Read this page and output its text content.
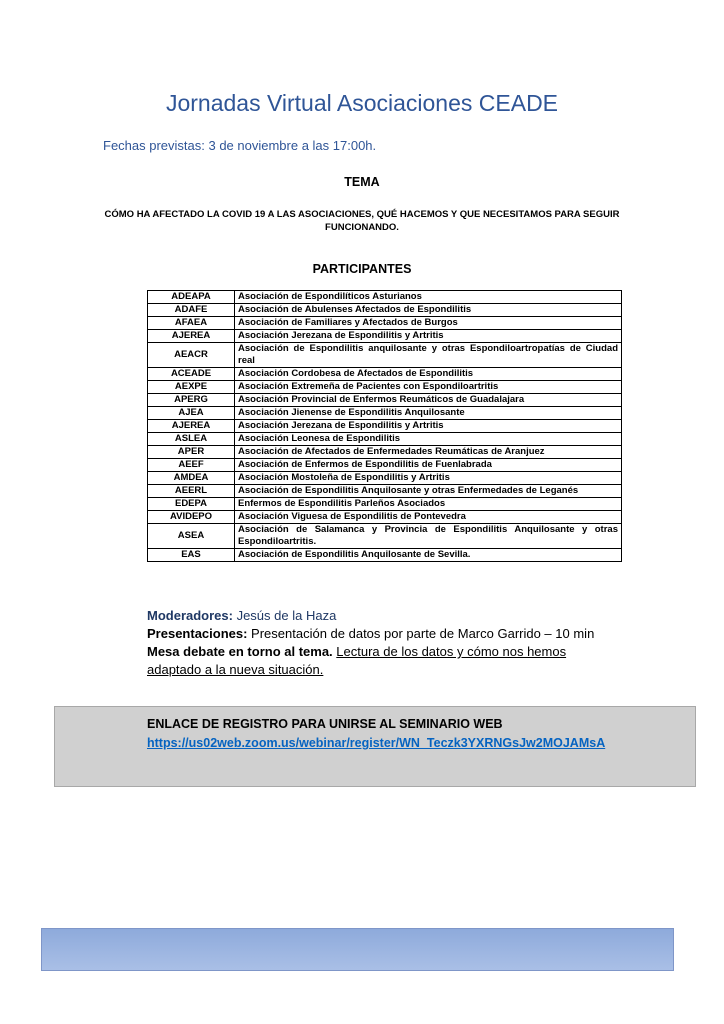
Jornadas Virtual Asociaciones CEADE
Fechas previstas: 3 de noviembre a las 17:00h.
TEMA
CÓMO HA AFECTADO LA COVID 19 A LAS ASOCIACIONES, QUÉ HACEMOS Y QUE NECESITAMOS PARA SEGUIR FUNCIONANDO.
PARTICIPANTES
ADEAPA	Asociación de Espondilíticos Asturianos
ADAFE	Asociación de Abulenses Afectados de Espondilitis
AFAEA	Asociación de Familiares y Afectados de Burgos
AJEREA	Asociación Jerezana de Espondilitis y Artritis
AEACR	Asociación de Espondilitis anquilosante y otras Espondiloartropatías de Ciudad real
ACEADE	Asociación Cordobesa de Afectados de Espondilitis
AEXPE	Asociación Extremeña de Pacientes con Espondiloartritis
APERG	Asociación Provincial de Enfermos Reumáticos de Guadalajara
AJEA	Asociación Jienense de Espondilitis Anquilosante
AJEREA	Asociación Jerezana de Espondilitis y Artritis
ASLEA	Asociación Leonesa de Espondilitis
APER	Asociación de Afectados de Enfermedades Reumáticas de Aranjuez
AEEF	Asociación de Enfermos de Espondilitis de Fuenlabrada
AMDEA	Asociación Mostoleña de Espondilitis y Artritis
AEERL	Asociación de Espondilitis Anquilosante y otras Enfermedades de Leganés
EDEPA	Enfermos de Espondilitis Parleños Asociados
AVIDEPO	Asociación Viguesa de Espondilitis de Pontevedra
ASEA	Asociación de Salamanca y Provincia de Espondilitis Anquilosante y otras Espondiloartritis.
EAS	Asociación de Espondilitis Anquilosante de Sevilla.
Moderadores: Jesús de la Haza
Presentaciones: Presentación de datos por parte de Marco Garrido – 10 min
Mesa debate en torno al tema. Lectura de los datos y cómo nos hemos adaptado a la nueva situación.
ENLACE DE REGISTRO PARA UNIRSE AL SEMINARIO WEB
https://us02web.zoom.us/webinar/register/WN_Teczk3YXRNGsJw2MOJAMsA
